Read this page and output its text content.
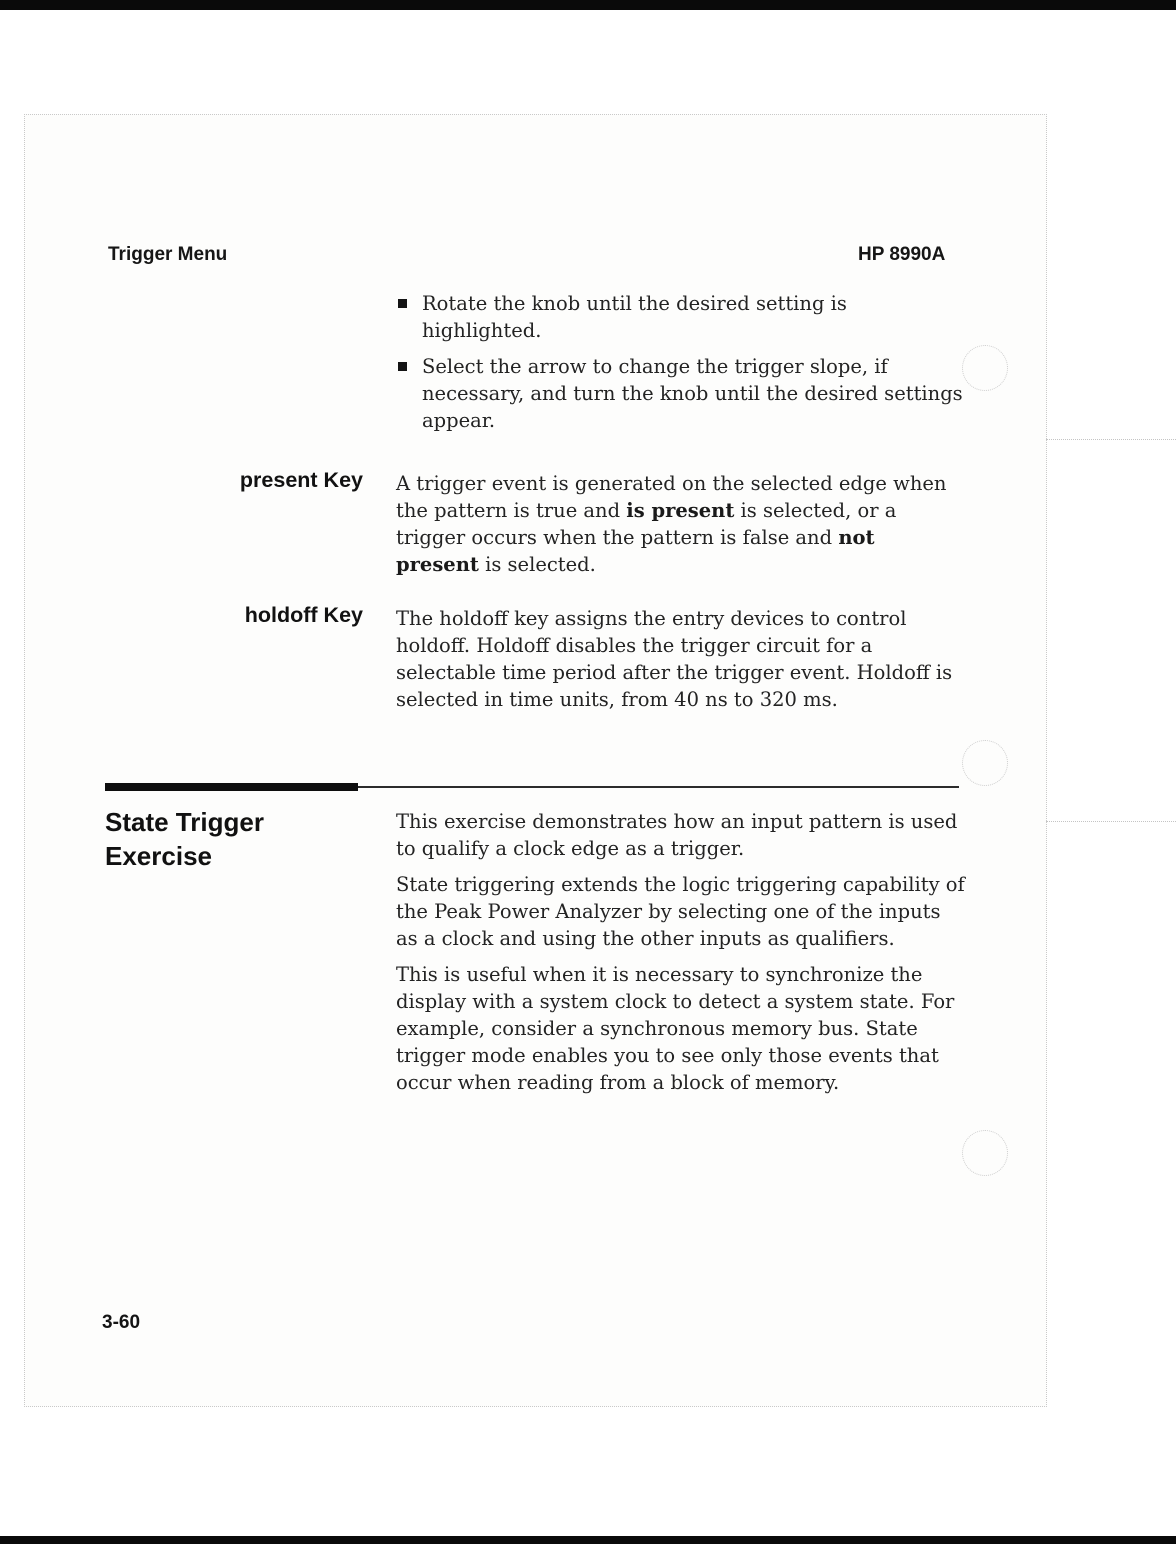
Trigger Menu	HP 8990A
Rotate the knob until the desired setting is highlighted.
Select the arrow to change the trigger slope, if necessary, and turn the knob until the desired settings appear.
present Key A trigger event is generated on the selected edge when the pattern is true and is present is selected, or a trigger occurs when the pattern is false and not present is selected.
holdoff Key The holdoff key assigns the entry devices to control holdoff. Holdoff disables the trigger circuit for a selectable time period after the trigger event. Holdoff is selected in time units, from 40 ns to 320 ms.
State Trigger Exercise

This exercise demonstrates how an input pattern is used to qualify a clock edge as a trigger.

State triggering extends the logic triggering capability of the Peak Power Analyzer by selecting one of the inputs as a clock and using the other inputs as qualifiers.

This is useful when it is necessary to synchronize the display with a system clock to detect a system state. For example, consider a synchronous memory bus. State trigger mode enables you to see only those events that occur when reading from a block of memory.

3-60
